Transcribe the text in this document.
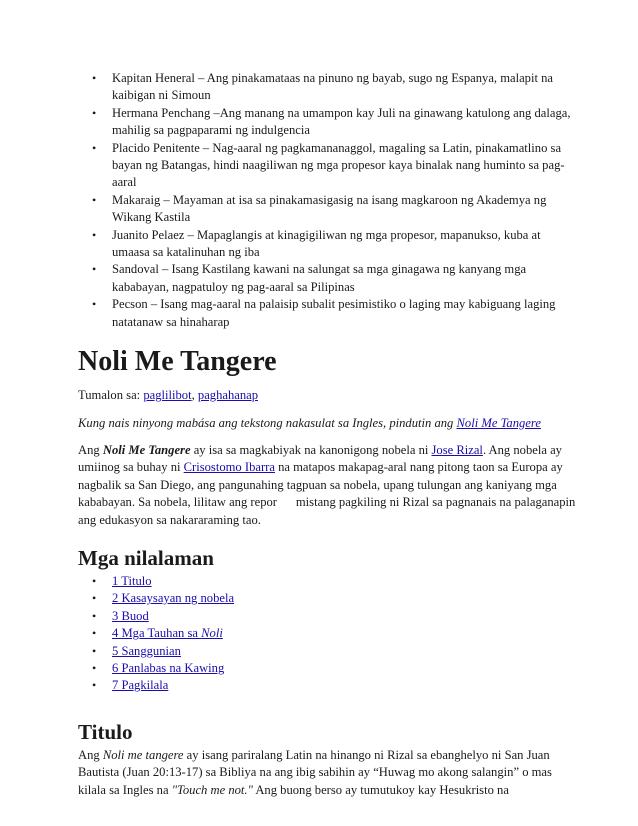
• Kapitan Heneral – Ang pinakamataas na pinuno ng bayab, sugo ng Espanya, malapit na kaibigan ni Simoun
• Hermana Penchang –Ang manang na umampon kay Juli na ginawang katulong ang dalaga, mahilig sa pagpaparami ng indulgencia
• Placido Penitente – Nag-aaral ng pagkamananaggol, magaling sa Latin, pinakamatlino sa bayan ng Batangas, hindi naagiliwan ng mga propesor kaya binalak nang huminto sa pag-aaral
• Makaraig – Mayaman at isa sa pinakamasigasig na isang magkaroon ng Akademya ng Wikang Kastila
• Juanito Pelaez – Mapaglangis at kinagigiliwan ng mga propesor, mapanukso, kuba at umaasa sa katalinuhan ng iba
• Sandoval – Isang Kastilang kawani na salungat sa mga ginagawa ng kanyang mga kababayan, nagpatuloy ng pag-aaral sa Pilipinas
• Pecson – Isang mag-aaral na palaisip subalit pesimistiko o laging may kabiguang laging natatanaw sa hinaharap
Noli Me Tangere

Tumalon sa: paglilibot, paghahanap

Kung nais ninyong mabása ang tekstong nakasulat sa Ingles, pindutin ang Noli Me Tangere

Ang Noli Me Tangere ay isa sa magkabiyak na kanonigong nobela ni Jose Rizal. Ang nobela ay umiinog sa buhay ni Crisostomo Ibarra na matapos makapag-aral nang pitong taon sa Europa ay nagbalik sa San Diego, ang pangunahing tagpuan sa nobela, upang tulungan ang kaniyang mga kababayan. Sa nobela, lilitaw ang repor      mistang pagkiling ni Rizal sa pagnanais na palaganapin ang edukasyon sa nakararaming tao.

Mga nilalaman
• 1 Titulo
• 2 Kasaysayan ng nobela
• 3 Buod
• 4 Mga Tauhan sa Noli
• 5 Sanggunian
• 6 Panlabas na Kawing
• 7 Pagkilala
Titulo

Ang Noli me tangere ay isang pariralang Latin na hinango ni Rizal sa ebanghelyo ni San Juan Bautista (Juan 20:13-17) sa Bibliya na ang ibig sabihin ay “Huwag mo akong salangin” o mas kilala sa Ingles na "Touch me not." Ang buong berso ay tumutukoy kay Hesukristo na
